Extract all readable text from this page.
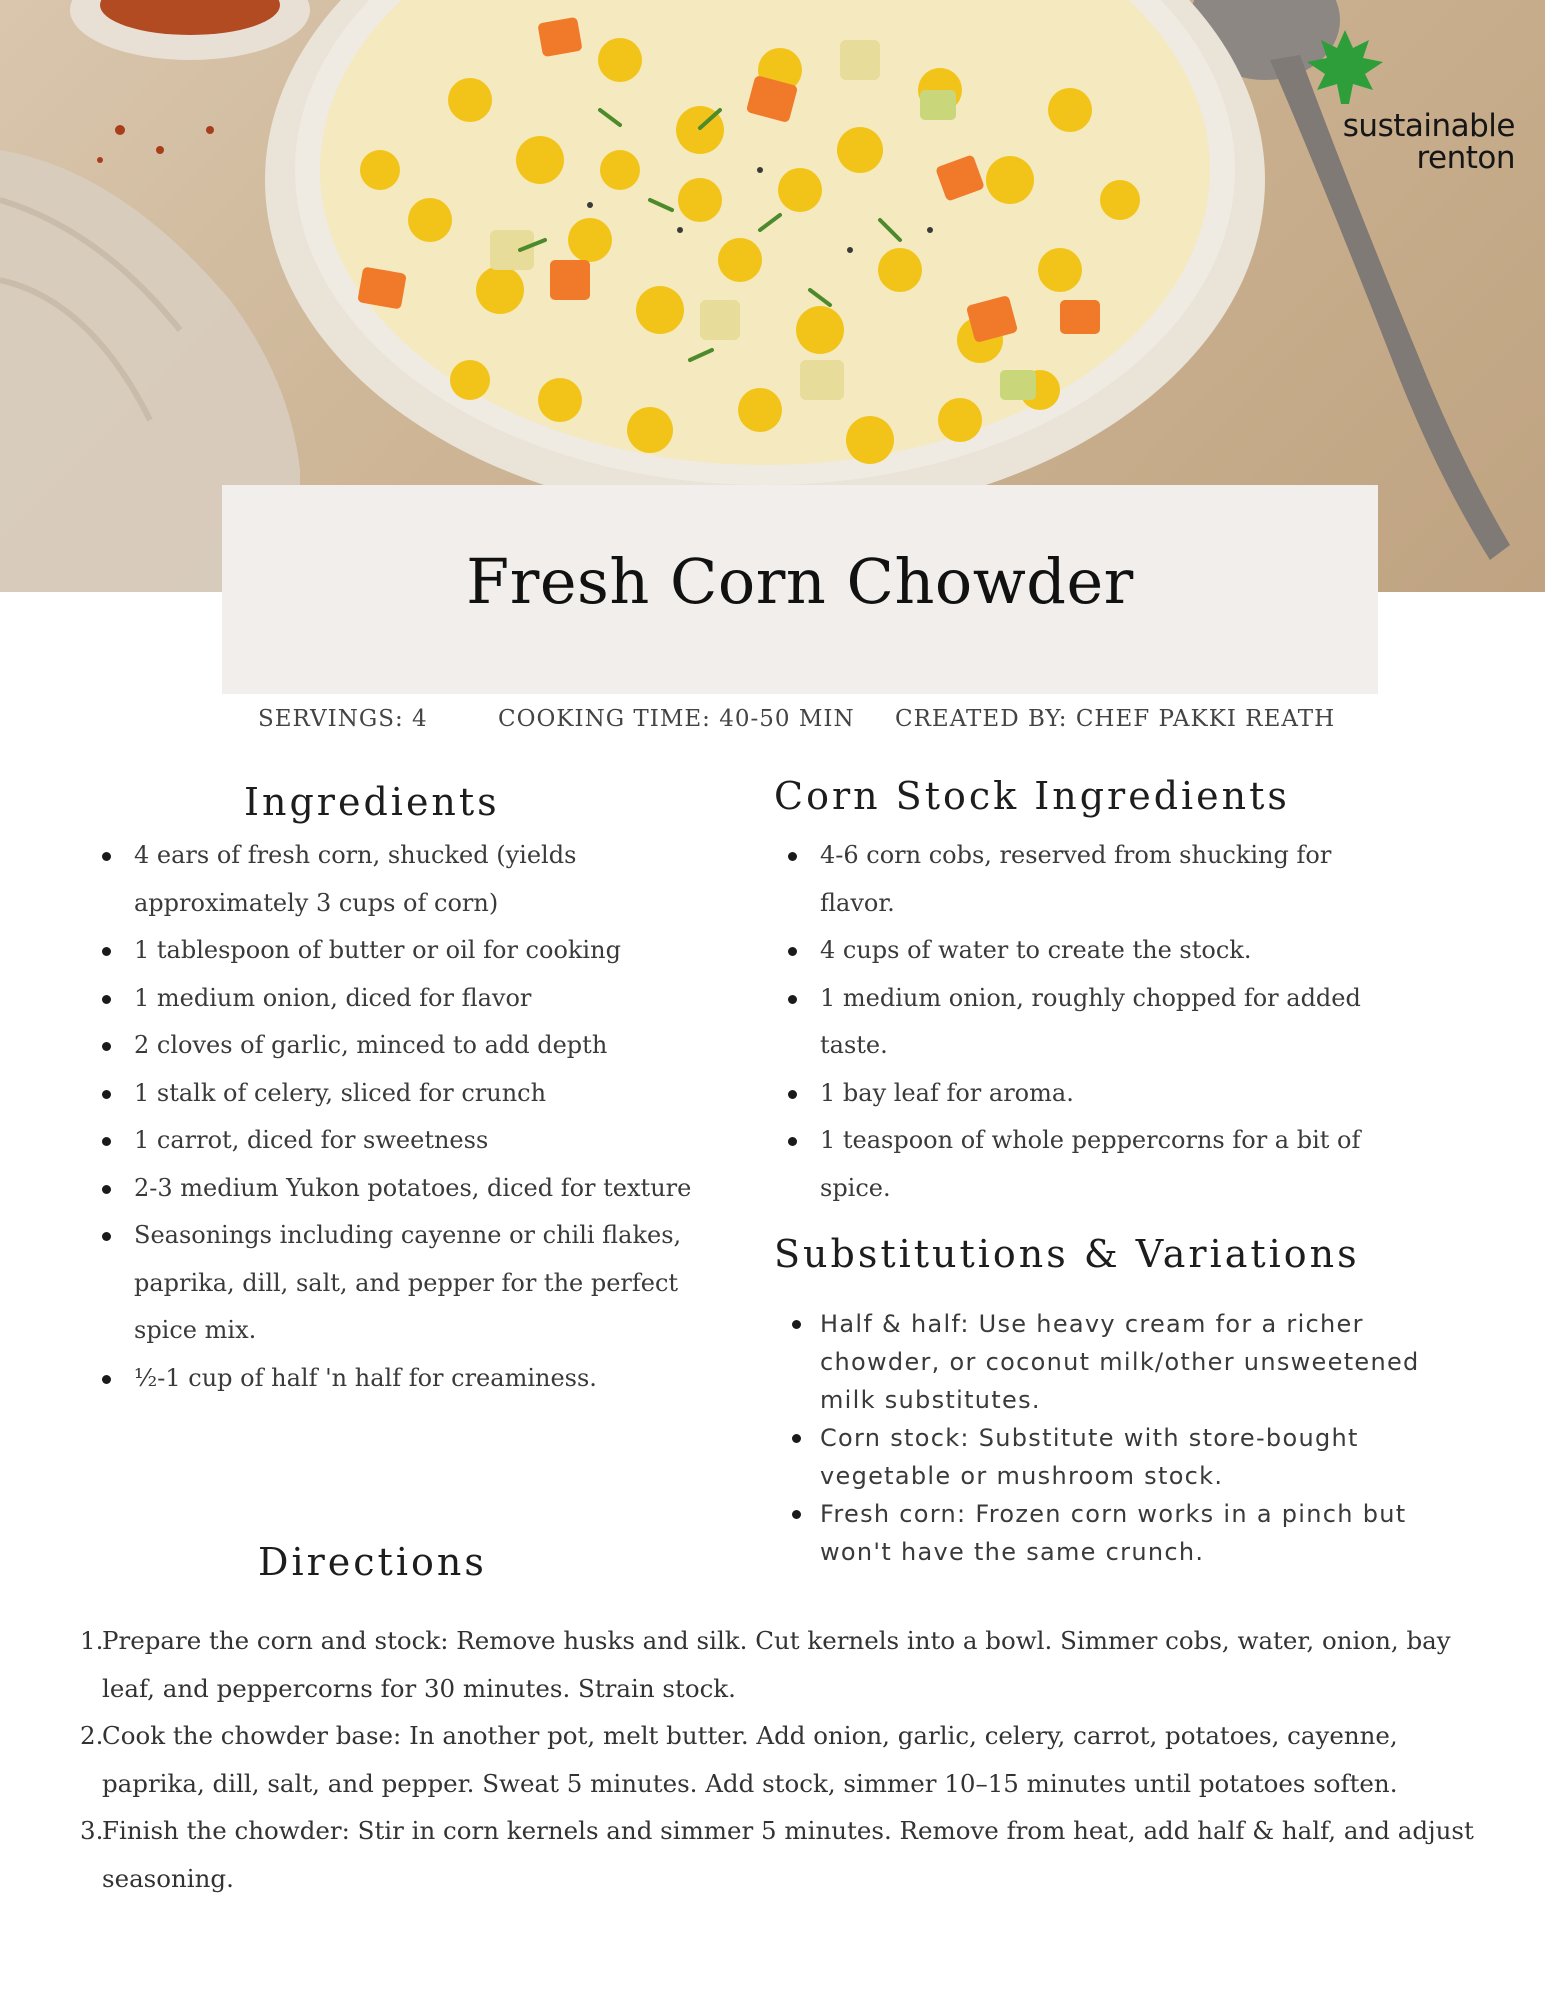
sustainable
renton
Fresh Corn Chowder
SERVINGS: 4	COOKING TIME: 40-50 MIN CREATED BY: CHEF PAKKI REATH
Ingredients
4 ears of fresh corn, shucked (yields approximately 3 cups of corn)
1 tablespoon of butter or oil for cooking
1 medium onion, diced for flavor
2 cloves of garlic, minced to add depth
1 stalk of celery, sliced for crunch
1 carrot, diced for sweetness
2-3 medium Yukon potatoes, diced for texture
Seasonings including cayenne or chili flakes, paprika, dill, salt, and pepper for the perfect spice mix.
½-1 cup of half 'n half for creaminess.
Corn Stock Ingredients
4-6 corn cobs, reserved from shucking for flavor.
4 cups of water to create the stock.
1 medium onion, roughly chopped for added taste.
1 bay leaf for aroma.
1 teaspoon of whole peppercorns for a bit of spice.
Substitutions & Variations
Half & half: Use heavy cream for a richer chowder, or coconut milk/other unsweetened milk substitutes.
Corn stock: Substitute with store-bought vegetable or mushroom stock.
Fresh corn: Frozen corn works in a pinch but won't have the same crunch.
Directions
1.
Prepare the corn and stock: Remove husks and silk. Cut kernels into a bowl. Simmer cobs, water, onion, bay leaf, and peppercorns for 30 minutes. Strain stock.
2.
Cook the chowder base: In another pot, melt butter. Add onion, garlic, celery, carrot, potatoes, cayenne, paprika, dill, salt, and pepper. Sweat 5 minutes. Add stock, simmer 10–15 minutes until potatoes soften.
3.
Finish the chowder: Stir in corn kernels and simmer 5 minutes. Remove from heat, add half & half, and adjust seasoning.
